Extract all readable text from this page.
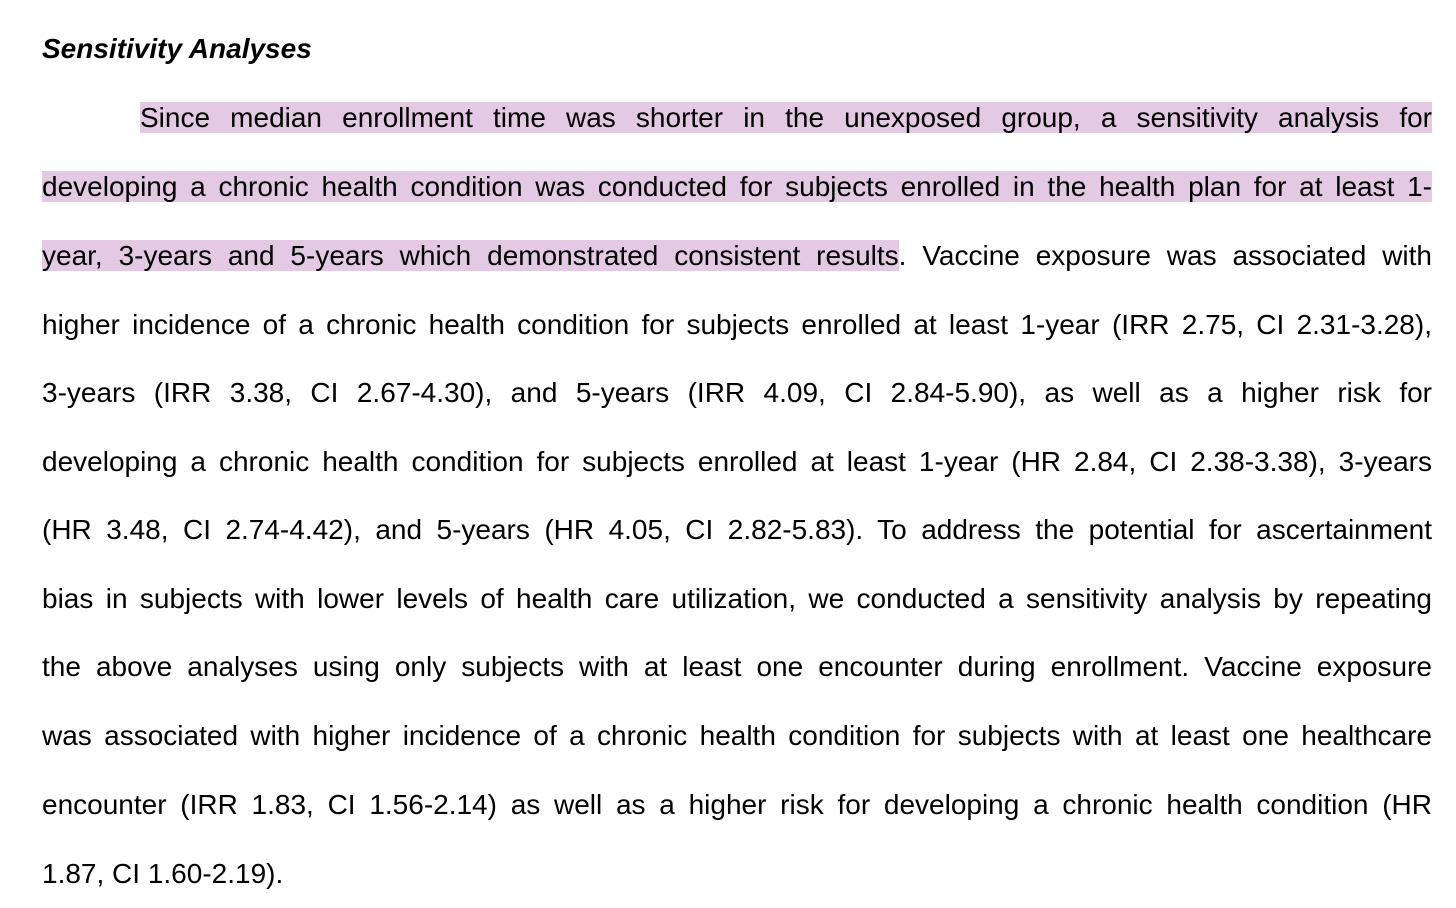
Sensitivity Analyses
Since median enrollment time was shorter in the unexposed group, a sensitivity analysis for
developing a chronic health condition was conducted for subjects enrolled in the health plan for at least 1-
year, 3-years and 5-years which demonstrated consistent results. Vaccine exposure was associated with
higher incidence of a chronic health condition for subjects enrolled at least 1-year (IRR 2.75, CI 2.31-3.28),
3-years (IRR 3.38, CI 2.67-4.30), and 5-years (IRR 4.09, CI 2.84-5.90), as well as a higher risk for
developing a chronic health condition for subjects enrolled at least 1-year (HR 2.84, CI 2.38-3.38), 3-years
(HR 3.48, CI 2.74-4.42), and 5-years (HR 4.05, CI 2.82-5.83). To address the potential for ascertainment
bias in subjects with lower levels of health care utilization, we conducted a sensitivity analysis by repeating
the above analyses using only subjects with at least one encounter during enrollment. Vaccine exposure
was associated with higher incidence of a chronic health condition for subjects with at least one healthcare
encounter (IRR 1.83, CI 1.56-2.14) as well as a higher risk for developing a chronic health condition (HR
1.87, CI 1.60-2.19).
